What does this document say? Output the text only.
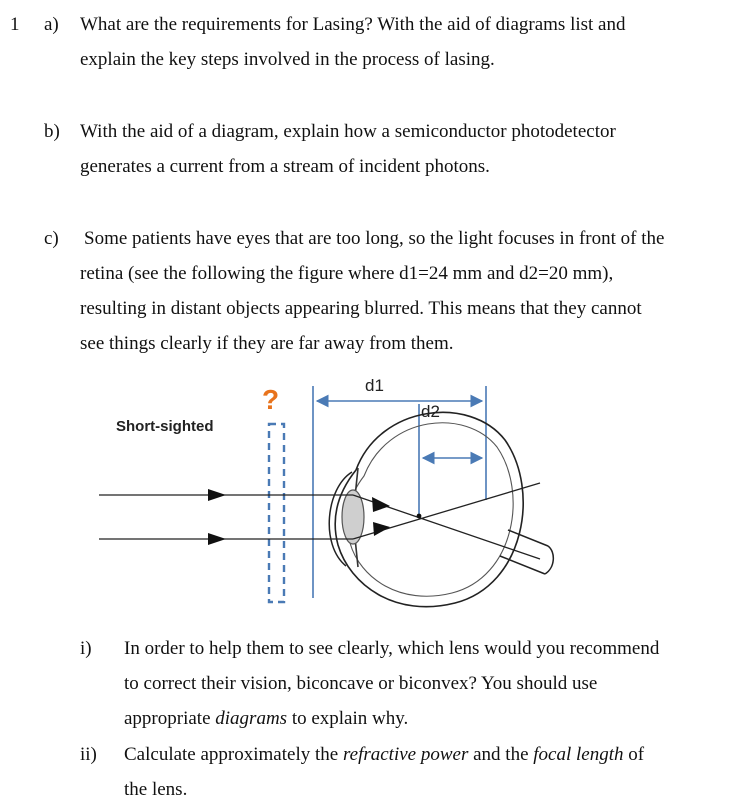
1 a) What are the requirements for Lasing? With the aid of diagrams list and
explain the key steps involved in the process of lasing.
b) With the aid of a diagram, explain how a semiconductor photodetector
generates a current from a stream of incident photons.
c) Some patients have eyes that are too long, so the light focuses in front of the
retina (see the following the figure where d1=24 mm and d2=20 mm),
resulting in distant objects appearing blurred. This means that they cannot
see things clearly if they are far away from them.
Short-sighted
?	d1
d2
i) In order to help them to see clearly, which lens would you recommend
to correct their vision, biconcave or biconvex? You should use
appropriate diagrams to explain why.
ii) Calculate approximately the refractive power and the focal length of
the lens.
